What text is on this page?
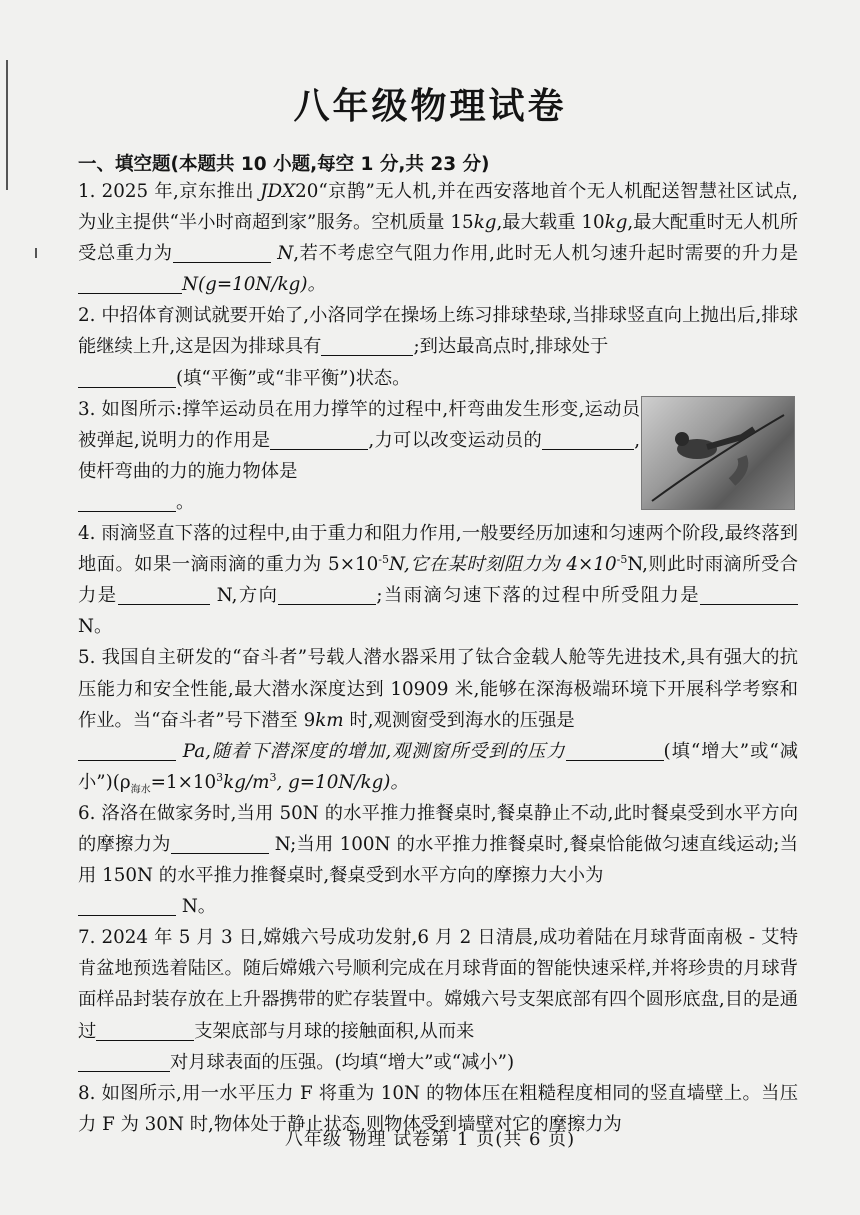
八年级物理试卷
一、填空题(本题共 10 小题,每空 1 分,共 23 分)
1. 2025 年,京东推出 JDX20“京鹊”无人机,并在西安落地首个无人机配送智慧社区试点,为业主提供“半小时商超到家”服务。空机质量 15kg,最大载重 10kg,最大配重时无人机所受总重力为	N,若不考虑空气阻力作用,此时无人机匀速升起时需要的升力是N(g=10N/kg)。
2. 中招体育测试就要开始了,小洛同学在操场上练习排球垫球,当排球竖直向上抛出后,排球能继续上升,这是因为排球具有	;到达最高点时,排球处于
(填“平衡”或“非平衡”)状态。
3. 如图所示:撑竿运动员在用力撑竿的过程中,杆弯曲发生形变,运动员被弹起,说明力的作用是	,力可以改变运动员的	,使杆弯曲的力的施力物体是
。
4. 雨滴竖直下落的过程中,由于重力和阻力作用,一般要经历加速和匀速两个阶段,最终落到地面。如果一滴雨滴的重力为 $5\times 10^{-5}N$,它在某时刻阻力为 $4\times 10^{-5}N$,则此时雨滴所受合力是	N,方向	;当雨滴匀速下落的过程中所受阻力是 N。
5. 我国自主研发的“奋斗者”号载人潜水器采用了钛合金载人舱等先进技术,具有强大的抗压能力和安全性能,最大潜水深度达到 10909 米,能够在深海极端环境下开展科学考察和作业。当“奋斗者”号下潜至 9km 时,观测窗受到海水的压强是
Pa,随着下潜深度的增加,观测窗所受到的压力	(填“增大”或“减小$”)(\rho_{海水}=1\times 10^3kg/m^3$, g=10N/kg)。
6. 洛洛在做家务时,当用 50N 的水平推力推餐桌时,餐桌静止不动,此时餐桌受到水平方向的摩擦力为	N;当用 100N 的水平推力推餐桌时,餐桌恰能做匀速直线运动;当用 150N 的水平推力推餐桌时,餐桌受到水平方向的摩擦力大小为
N。
7. 2024 年 5 月 3 日,嫦娥六号成功发射,6 月 2 日清晨,成功着陆在月球背面南极 - 艾特肯盆地预选着陆区。随后嫦娥六号顺利完成在月球背面的智能快速采样,并将珍贵的月球背面样品封装存放在上升器携带的贮存装置中。嫦娥六号支架底部有四个圆形底盘,目的是通过	支架底部与月球的接触面积,从而来
对月球表面的压强。(均填“增大”或“减小”)
8. 如图所示,用一水平压力 F 将重为 10N 的物体压在粗糙程度相同的竖直墙壁上。当压力 F 为 30N 时,物体处于静止状态,则物体受到墙壁对它的摩擦力为
八年级 物理 试卷第 1 页(共 6 页)
